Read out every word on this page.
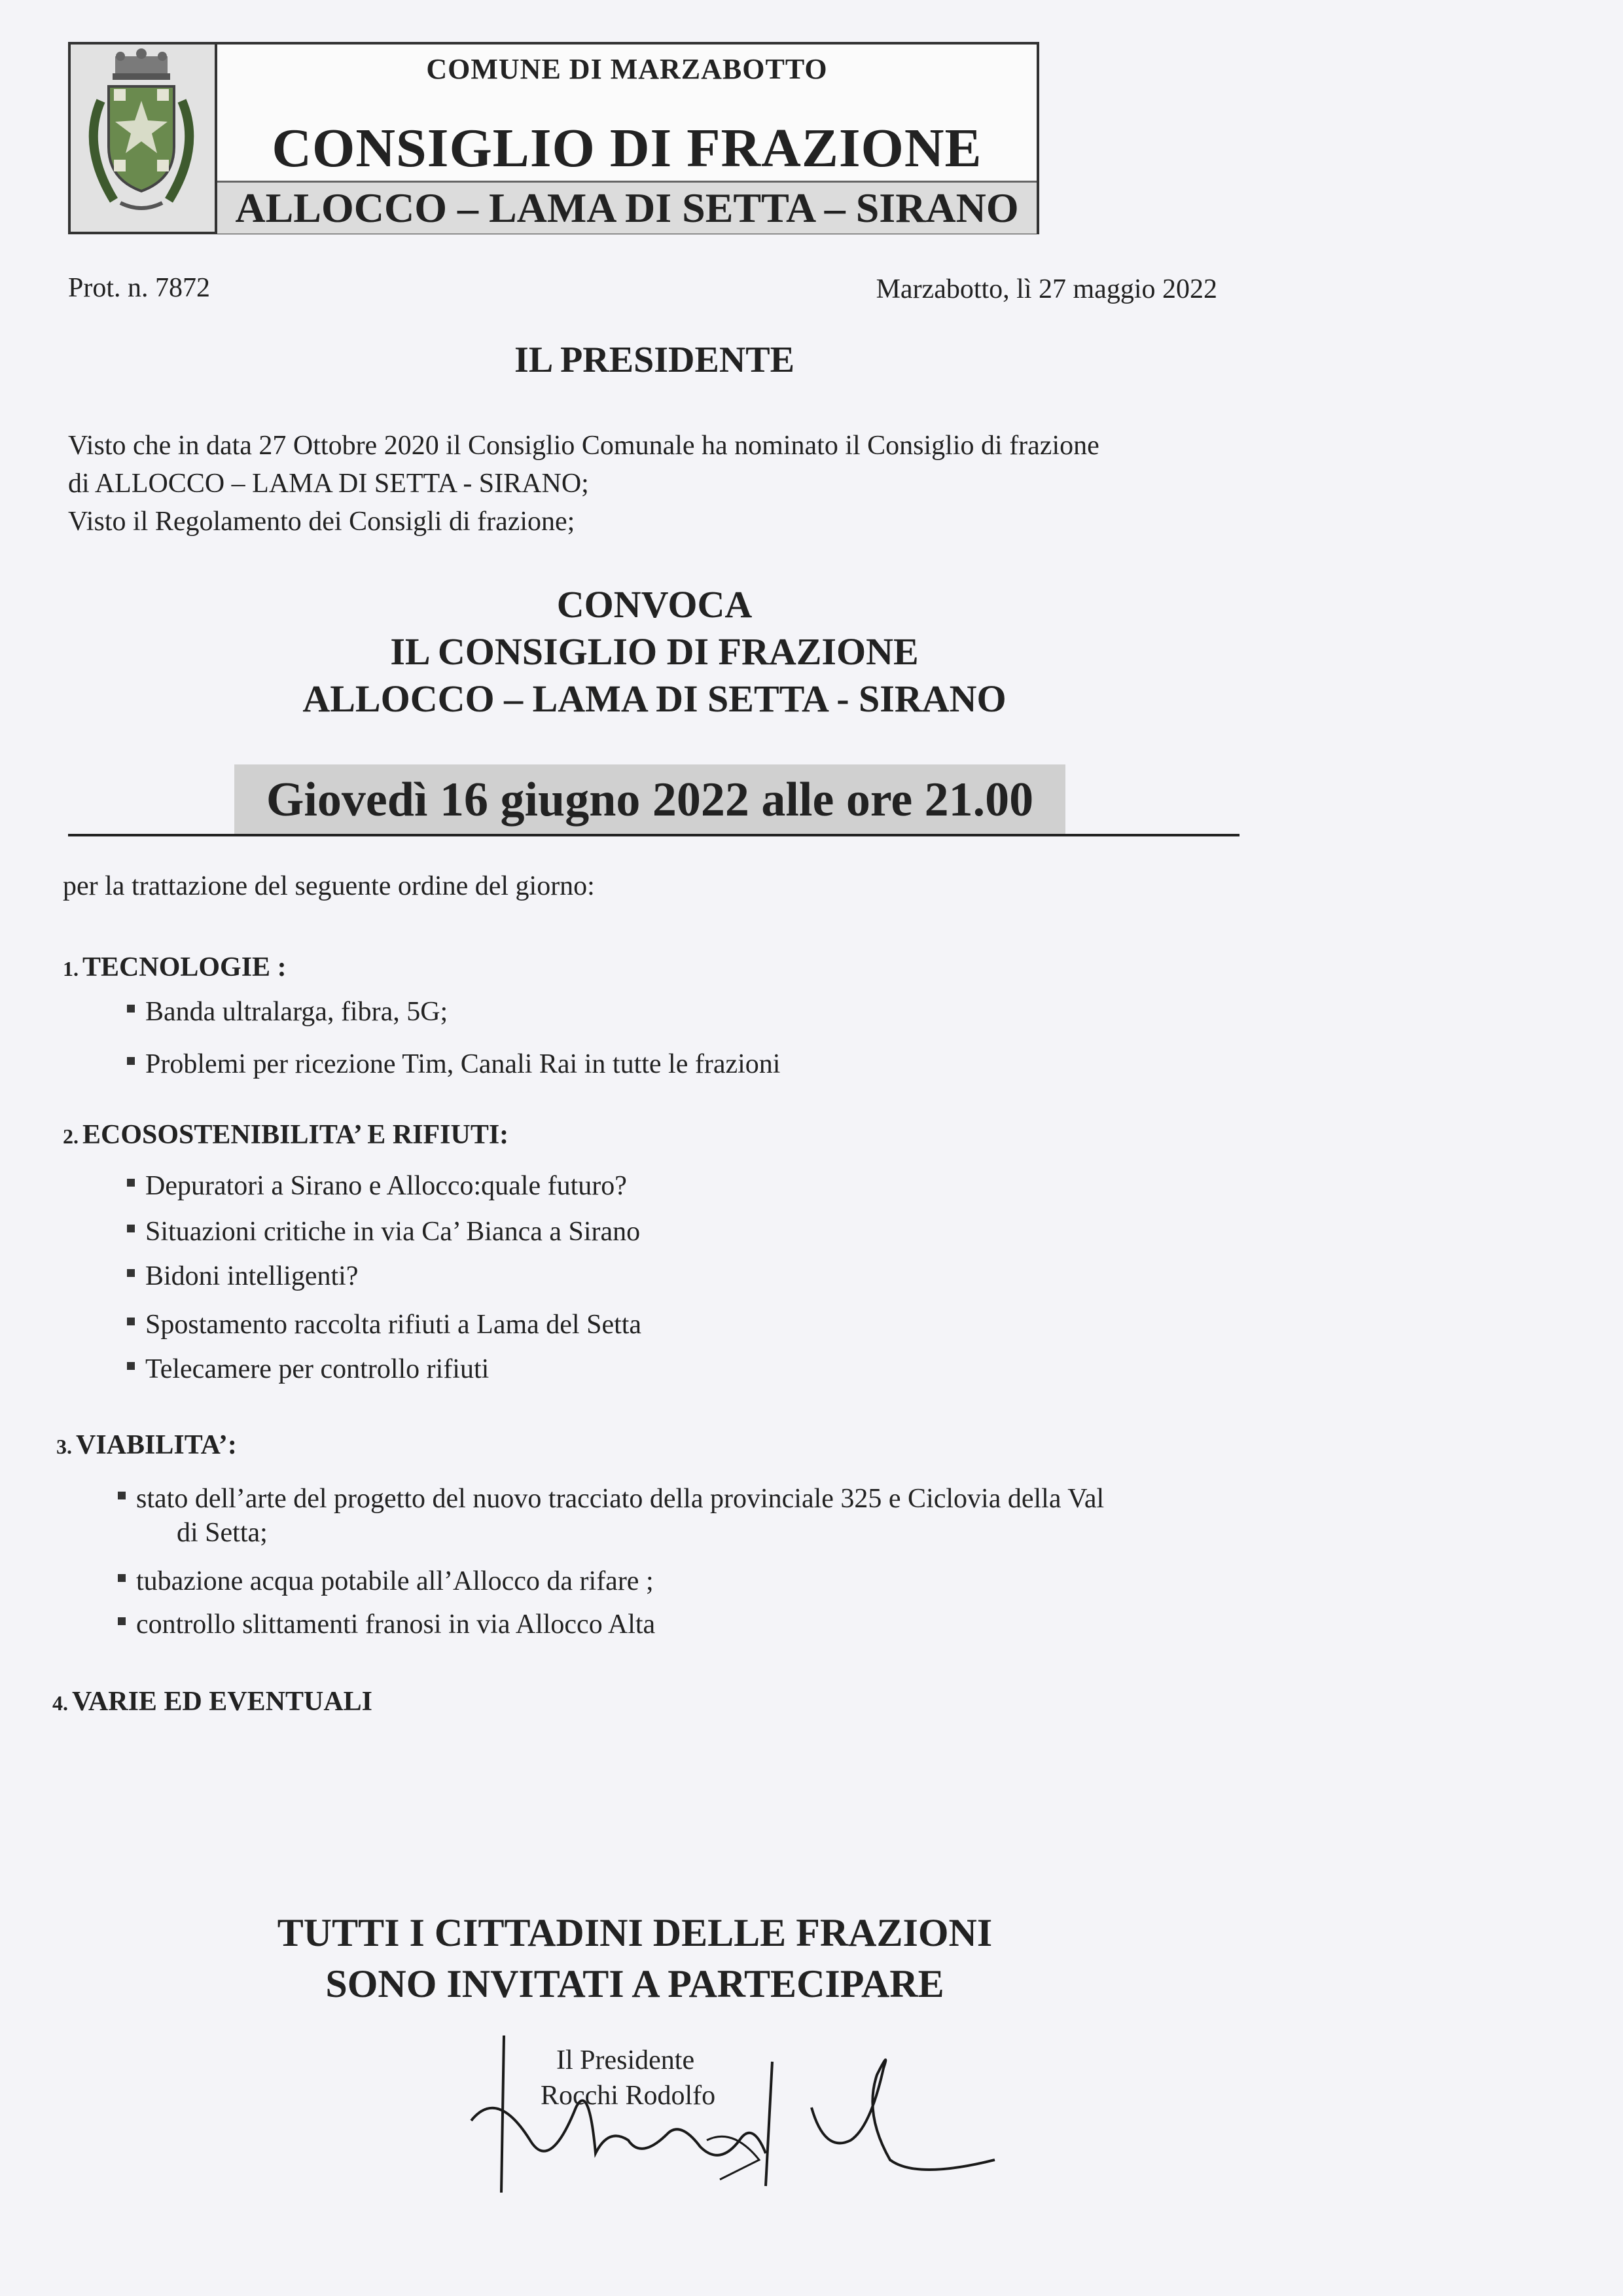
COMUNE DI MARZABOTTO
CONSIGLIO DI FRAZIONE
ALLOCCO – LAMA DI SETTA – SIRANO
Prot. n. 7872	Marzabotto, lì 27 maggio 2022
IL PRESIDENTE
Visto che in data 27 Ottobre 2020 il Consiglio Comunale ha nominato il Consiglio di frazione
di ALLOCCO – LAMA DI SETTA - SIRANO;
Visto il Regolamento dei Consigli di frazione;
CONVOCA
IL CONSIGLIO DI FRAZIONE
ALLOCCO – LAMA DI SETTA - SIRANO
Giovedì 16 giugno 2022 alle ore 21.00
per la trattazione del seguente ordine del giorno:
1. TECNOLOGIE :
Banda ultralarga, fibra, 5G;
Problemi per ricezione Tim, Canali Rai in tutte le frazioni
2. ECOSOSTENIBILITA’ E RIFIUTI:
Depuratori a Sirano e Allocco:quale futuro?
Situazioni critiche in via Ca’ Bianca a Sirano
Bidoni intelligenti?
Spostamento raccolta rifiuti a Lama del Setta
Telecamere per controllo rifiuti
3. VIABILITA’:
stato dell’arte del progetto del nuovo tracciato della provinciale 325 e Ciclovia della Val
di Setta;
tubazione acqua potabile all’Allocco da rifare ;
controllo slittamenti franosi in via Allocco Alta
4. VARIE ED EVENTUALI
TUTTI I CITTADINI DELLE FRAZIONI
SONO INVITATI A PARTECIPARE
Il Presidente
Rocchi Rodolfo
